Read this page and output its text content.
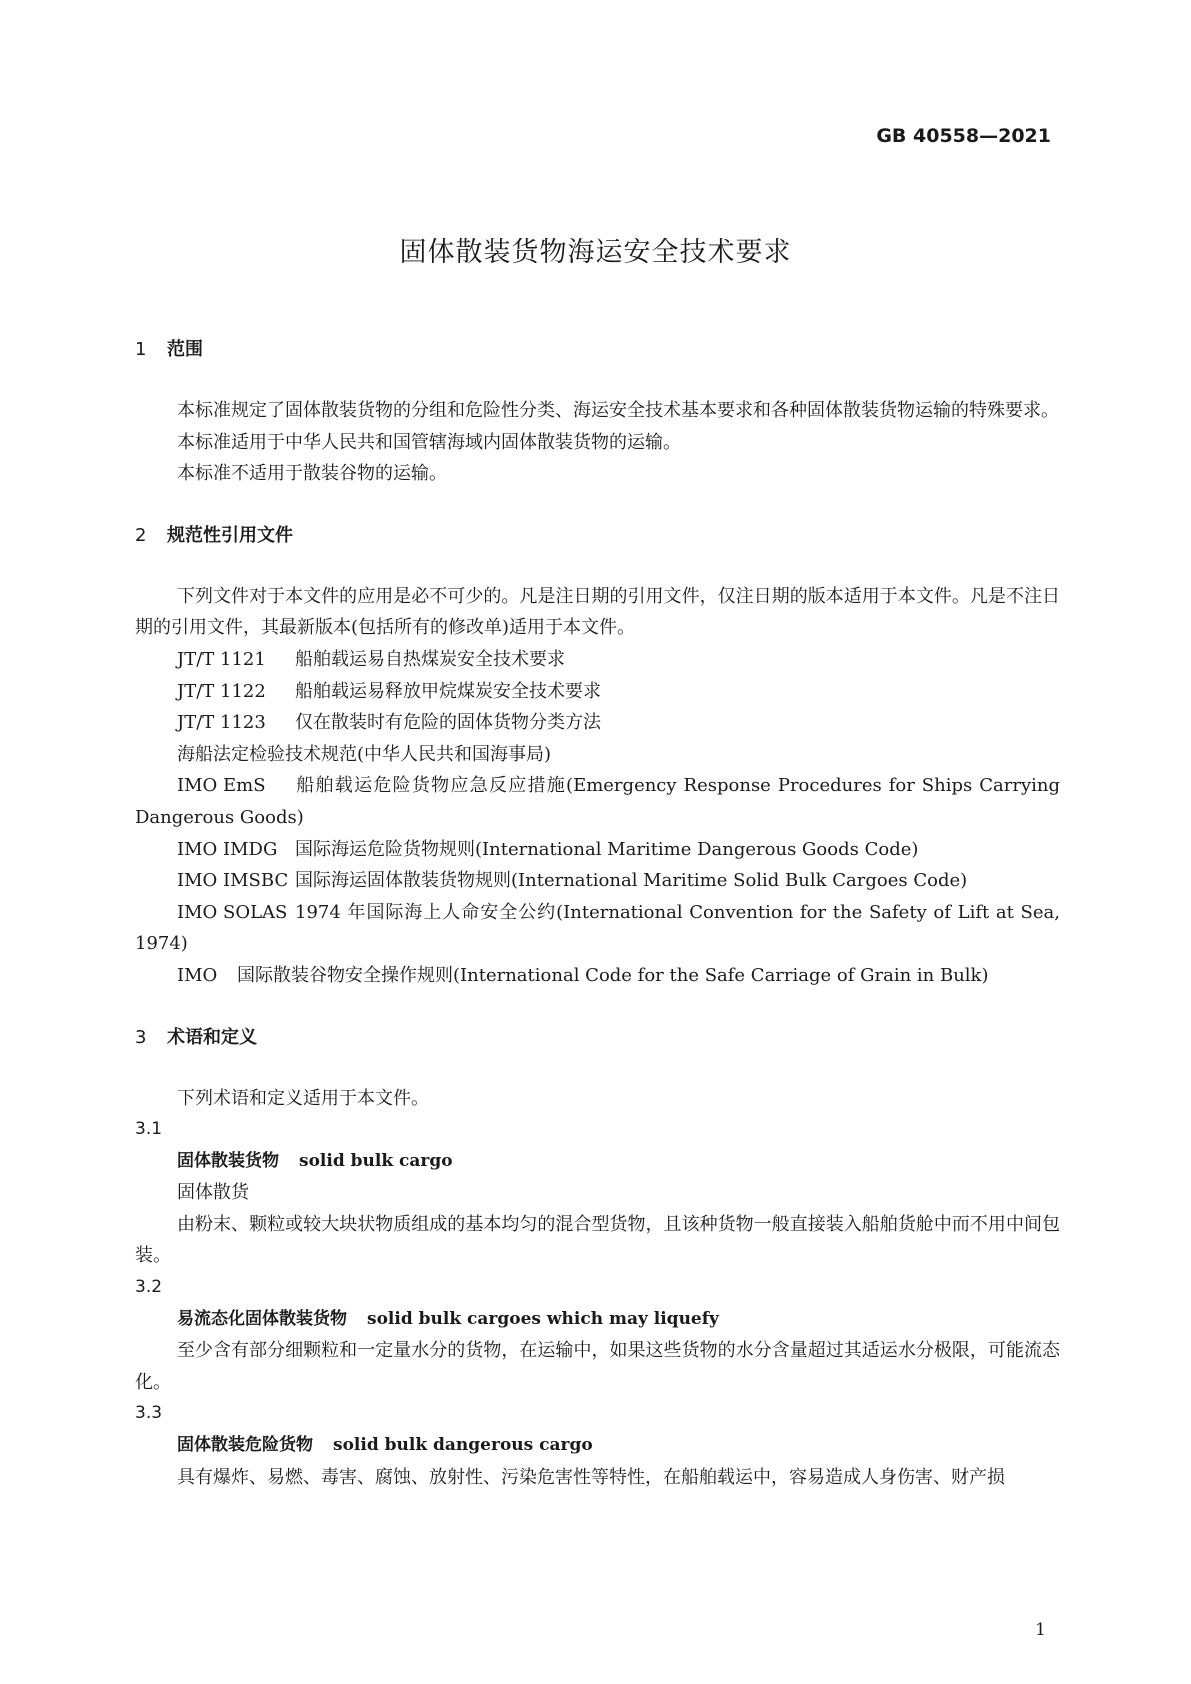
GB 40558—2021
固体散装货物海运安全技术要求
1 范围

本标准规定了固体散装货物的分组和危险性分类、海运安全技术基本要求和各种固体散装货物运输的特殊要求。

本标准适用于中华人民共和国管辖海域内固体散装货物的运输。

本标准不适用于散装谷物的运输。

2 规范性引用文件

下列文件对于本文件的应用是必不可少的。凡是注日期的引用文件，仅注日期的版本适用于本文件。凡是不注日期的引用文件，其最新版本(包括所有的修改单)适用于本文件。

JT/T 1121 船舶载运易自热煤炭安全技术要求

JT/T 1122 船舶载运易释放甲烷煤炭安全技术要求

JT/T 1123 仅在散装时有危险的固体货物分类方法

海船法定检验技术规范(中华人民共和国海事局)

IMO EmS 船舶载运危险货物应急反应措施(Emergency Response Procedures for Ships Carrying Dangerous Goods)

IMO IMDG 国际海运危险货物规则(International Maritime Dangerous Goods Code)

IMO IMSBC 国际海运固体散装货物规则(International Maritime Solid Bulk Cargoes Code)

IMO SOLAS 1974 年国际海上人命安全公约(International Convention for the Safety of Lift at Sea, 1974)

IMO 国际散装谷物安全操作规则(International Code for the Safe Carriage of Grain in Bulk)

3 术语和定义

下列术语和定义适用于本文件。

3.1

固体散装货物 solid bulk cargo

固体散货

由粉末、颗粒或较大块状物质组成的基本均匀的混合型货物，且该种货物一般直接装入船舶货舱中而不用中间包装。

3.2

易流态化固体散装货物 solid bulk cargoes which may liquefy

至少含有部分细颗粒和一定量水分的货物，在运输中，如果这些货物的水分含量超过其适运水分极限，可能流态化。

3.3

固体散装危险货物 solid bulk dangerous cargo

具有爆炸、易燃、毒害、腐蚀、放射性、污染危害性等特性，在船舶载运中，容易造成人身伤害、财产损

1
